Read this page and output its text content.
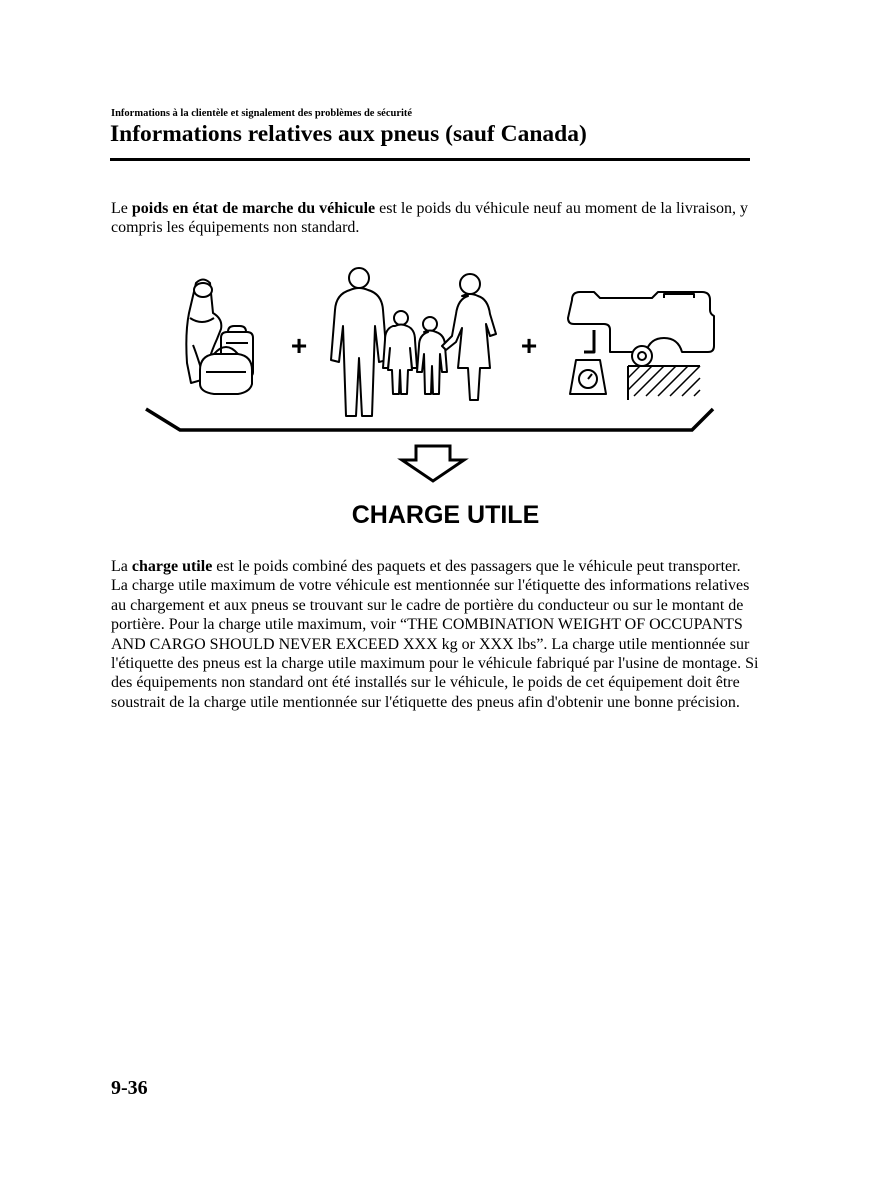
Informations à la clientèle et signalement des problèmes de sécurité
Informations relatives aux pneus (sauf Canada)

Le poids en état de marche du véhicule est le poids du véhicule neuf au moment de la livraison, y compris les équipements non standard.

+	+
CHARGE UTILE

La charge utile est le poids combiné des paquets et des passagers que le véhicule peut transporter. La charge utile maximum de votre véhicule est mentionnée sur l'étiquette des informations relatives au chargement et aux pneus se trouvant sur le cadre de portière du conducteur ou sur le montant de portière. Pour la charge utile maximum, voir “THE COMBINATION WEIGHT OF OCCUPANTS AND CARGO SHOULD NEVER EXCEED XXX kg or XXX lbs”. La charge utile mentionnée sur l'étiquette des pneus est la charge utile maximum pour le véhicule fabriqué par l'usine de montage. Si des équipements non standard ont été installés sur le véhicule, le poids de cet équipement doit être soustrait de la charge utile mentionnée sur l'étiquette des pneus afin d'obtenir une bonne précision.

9-36
